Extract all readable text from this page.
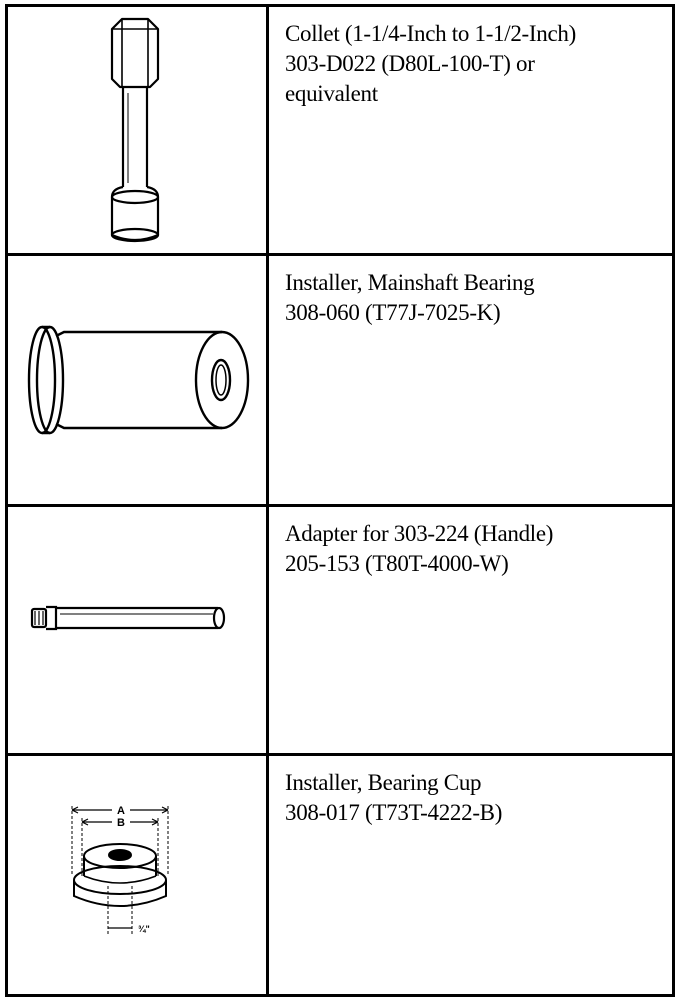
Collet (1-1/4-Inch to 1-1/2-Inch)
303-D022 (D80L-100-T) or
equivalent
Installer, Mainshaft Bearing
308-060 (T77J-7025-K)
Adapter for 303-224 (Handle)
205-153 (T80T-4000-W)
A
B
¾"
Installer, Bearing Cup
308-017 (T73T-4222-B)
